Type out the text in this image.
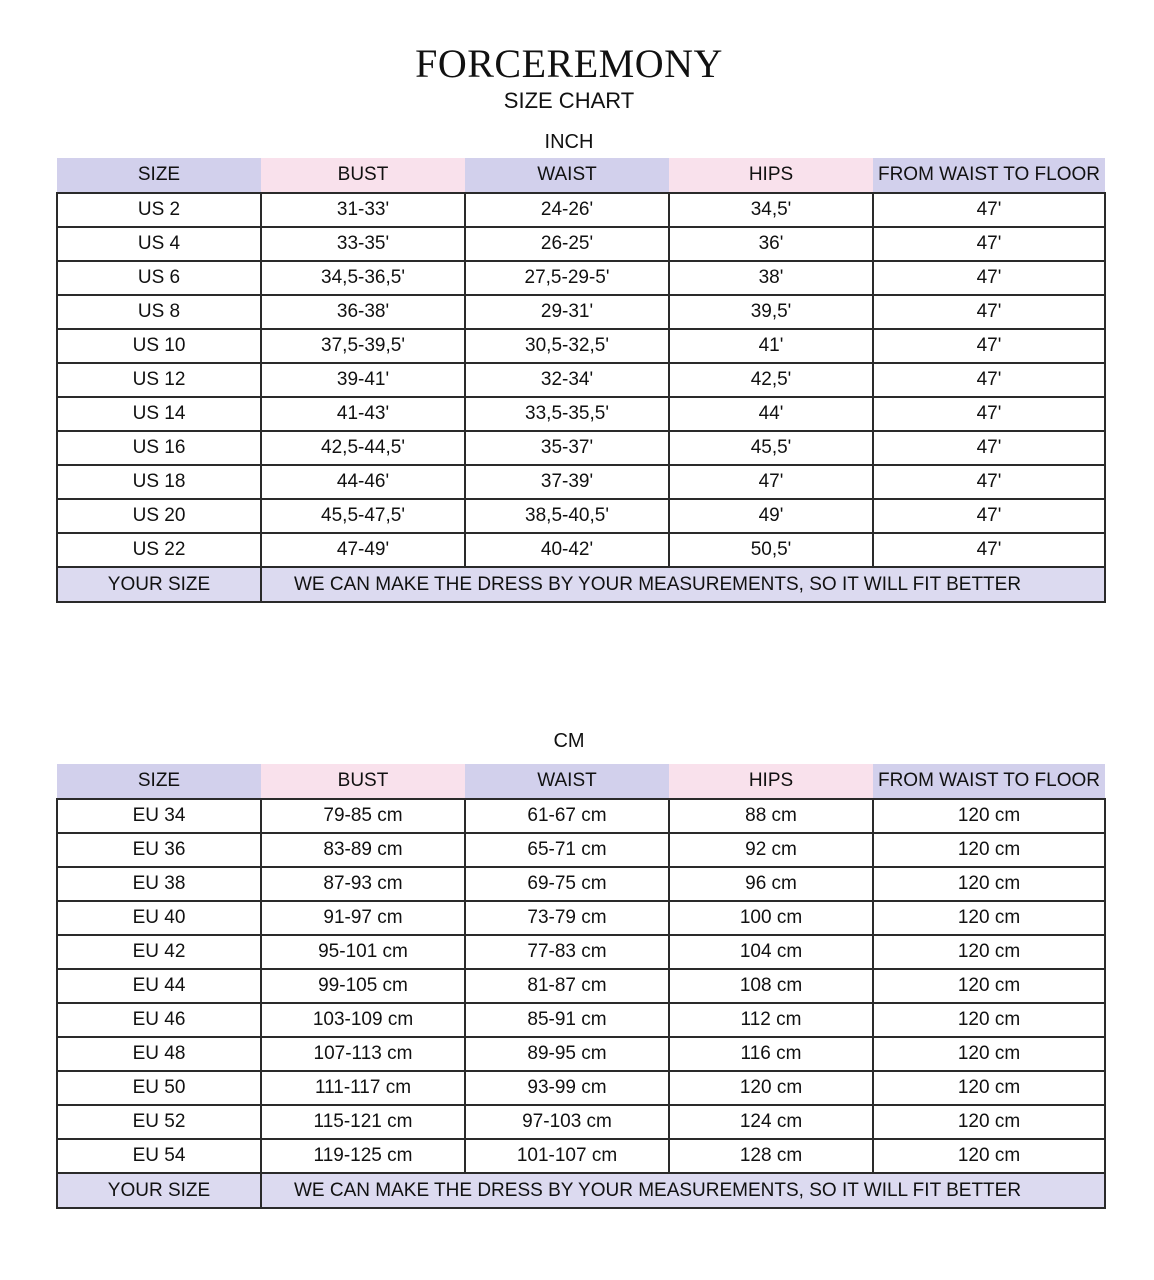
FORCEREMONY
SIZE CHART
INCH
SIZE	BUST	WAIST	HIPS	FROM WAIST TO FLOOR
US 2	31-33'	24-26'	34,5'	47'
US 4	33-35'	26-25'	36'	47'
US 6	34,5-36,5'	27,5-29-5'	38'	47'
US 8	36-38'	29-31'	39,5'	47'
US 10	37,5-39,5'	30,5-32,5'	41'	47'
US 12	39-41'	32-34'	42,5'	47'
US 14	41-43'	33,5-35,5'	44'	47'
US 16	42,5-44,5'	35-37'	45,5'	47'
US 18	44-46'	37-39'	47'	47'
US 20	45,5-47,5'	38,5-40,5'	49'	47'
US 22	47-49'	40-42'	50,5'	47'
YOUR SIZE	WE CAN MAKE THE DRESS BY YOUR MEASUREMENTS, SO IT WILL FIT BETTER			
CM
SIZE	BUST	WAIST	HIPS	FROM WAIST TO FLOOR
EU 34	79-85 cm	61-67 cm	88 cm	120 cm
EU 36	83-89 cm	65-71 cm	92 cm	120 cm
EU 38	87-93 cm	69-75 cm	96 cm	120 cm
EU 40	91-97 cm	73-79 cm	100 cm	120 cm
EU 42	95-101 cm	77-83 cm	104 cm	120 cm
EU 44	99-105 cm	81-87 cm	108 cm	120 cm
EU 46	103-109 cm	85-91 cm	112 cm	120 cm
EU 48	107-113 cm	89-95 cm	116 cm	120 cm
EU 50	111-117 cm	93-99 cm	120 cm	120 cm
EU 52	115-121 cm	97-103 cm	124 cm	120 cm
EU 54	119-125 cm	101-107 cm	128 cm	120 cm
YOUR SIZE	WE CAN MAKE THE DRESS BY YOUR MEASUREMENTS, SO IT WILL FIT BETTER			
